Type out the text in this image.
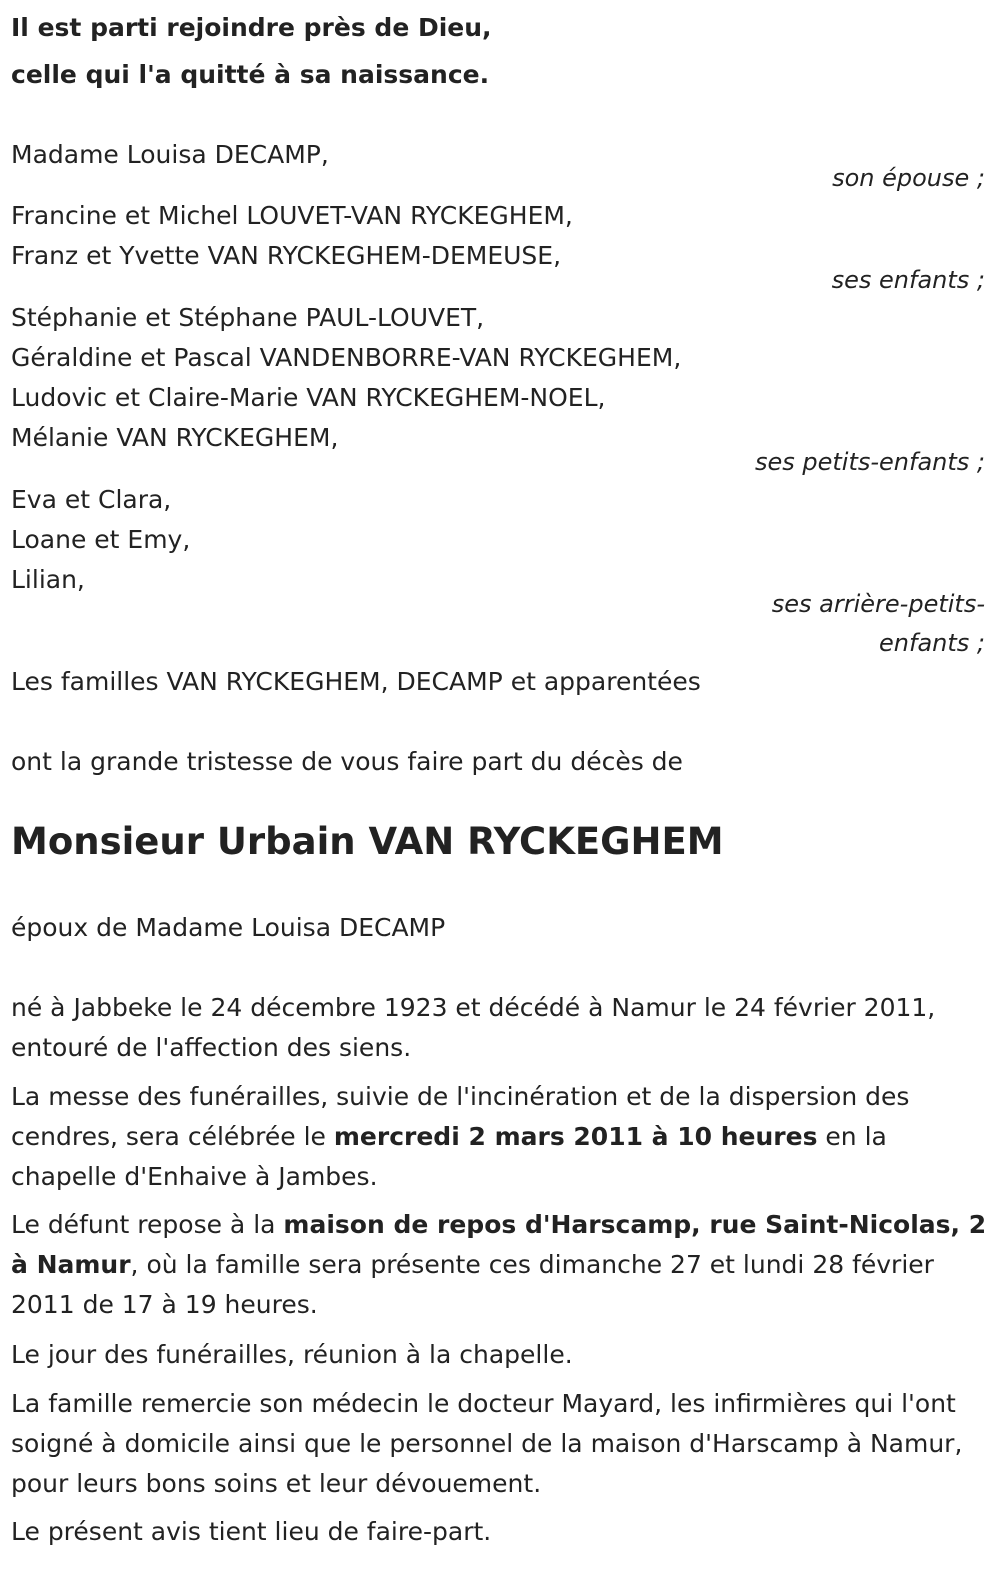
Il est parti rejoindre près de Dieu,

celle qui l'a quitté à sa naissance.

Madame Louisa DECAMP,

son épouse ;

Francine et Michel LOUVET-VAN RYCKEGHEM,

Franz et Yvette VAN RYCKEGHEM-DEMEUSE,

ses enfants ;

Stéphanie et Stéphane PAUL-LOUVET,

Géraldine et Pascal VANDENBORRE-VAN RYCKEGHEM,

Ludovic et Claire-Marie VAN RYCKEGHEM-NOEL,

Mélanie VAN RYCKEGHEM,

ses petits-enfants ;

Eva et Clara,

Loane et Emy,

Lilian,

ses arrière-petits-

enfants ;

Les familles VAN RYCKEGHEM, DECAMP et apparentées

ont la grande tristesse de vous faire part du décès de

Monsieur Urbain VAN RYCKEGHEM

époux de Madame Louisa DECAMP

né à Jabbeke le 24 décembre 1923 et décédé à Namur le 24 février 2011, entouré de l'affection des siens.

La messe des funérailles, suivie de l'incinération et de la dispersion des cendres, sera célébrée le mercredi 2 mars 2011 à 10 heures en la chapelle d'Enhaive à Jambes.

Le défunt repose à la maison de repos d'Harscamp, rue Saint-Nicolas, 2 à Namur, où la famille sera présente ces dimanche 27 et lundi 28 février 2011 de 17 à 19 heures.

Le jour des funérailles, réunion à la chapelle.

La famille remercie son médecin le docteur Mayard, les infirmières qui l'ont soigné à domicile ainsi que le personnel de la maison d'Harscamp à Namur, pour leurs bons soins et leur dévouement.

Le présent avis tient lieu de faire-part.
